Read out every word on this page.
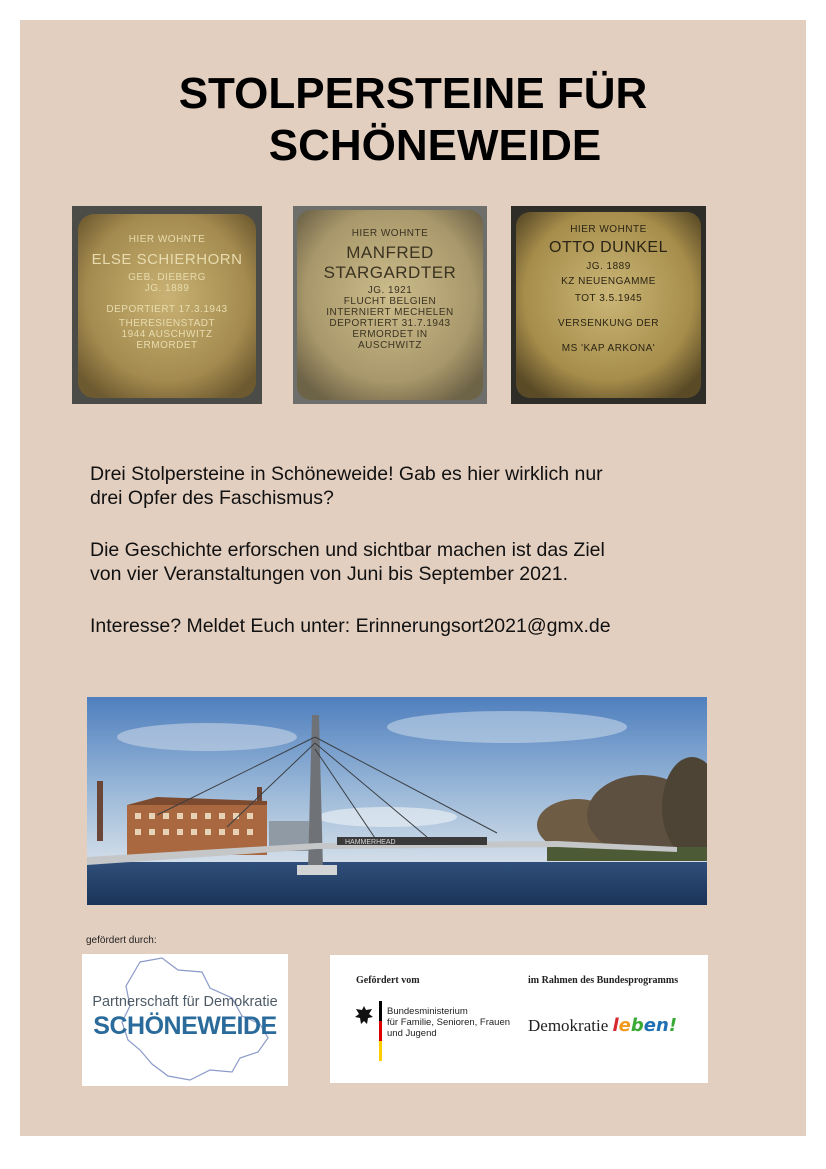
STOLPERSTEINE FÜR
SCHÖNEWEIDE
HIER WOHNTE
ELSE SCHIERHORN
GEB. DIEBERG
JG. 1889
DEPORTIERT 17.3.1943
THERESIENSTADT
1944 AUSCHWITZ
ERMORDET
HIER WOHNTE
MANFRED
STARGARDTER
JG. 1921
FLUCHT BELGIEN
INTERNIERT MECHELEN
DEPORTIERT 31.7.1943
ERMORDET IN
AUSCHWITZ
HIER WOHNTE
OTTO DUNKEL
JG. 1889
KZ NEUENGAMME
TOT 3.5.1945
VERSENKUNG DER
MS 'KAP ARKONA'
Drei Stolpersteine in Schöneweide! Gab es hier wirklich nur
drei Opfer des Faschismus?
Die Geschichte erforschen und sichtbar machen ist das Ziel
von vier Veranstaltungen von Juni bis September 2021.
Interesse? Meldet Euch unter: Erinnerungsort2021@gmx.de
HAMMERHEAD
gefördert durch:
Partnerschaft für Demokratie
SCHÖNEWEIDE
Gefördert vom	im Rahmen des Bundesprogramms
Bundesministerium
für Familie, Senioren, Frauen
und Jugend	Demokratie leben!
